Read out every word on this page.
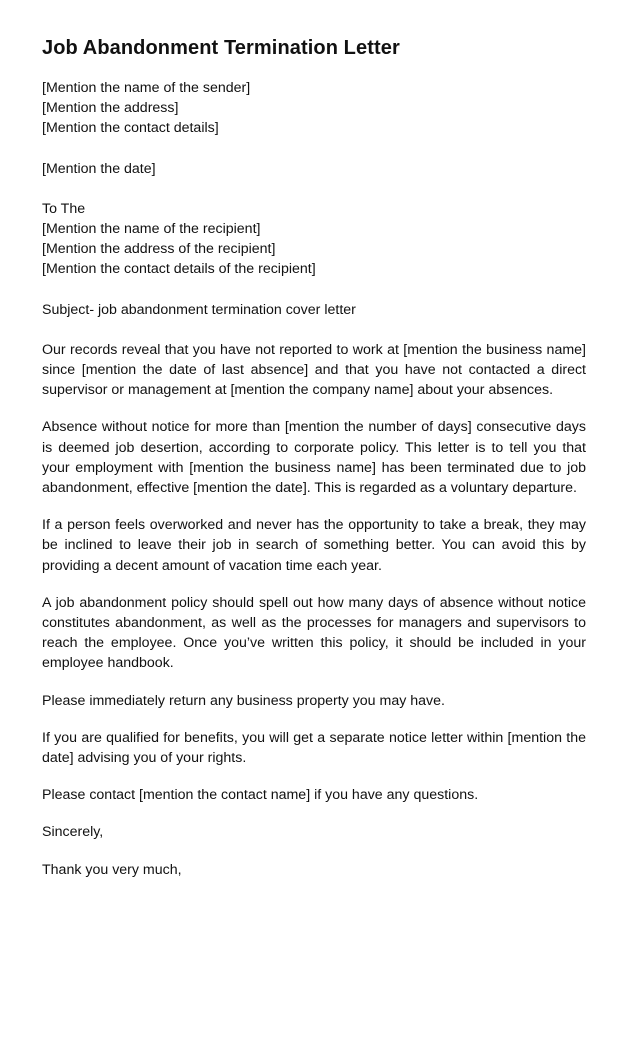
Job Abandonment Termination Letter

[Mention the name of the sender]

[Mention the address]

[Mention the contact details]

[Mention the date]

To The

[Mention the name of the recipient]

[Mention the address of the recipient]

[Mention the contact details of the recipient]

Subject- job abandonment termination cover letter

Our records reveal that you have not reported to work at [mention the business name] since [mention the date of last absence] and that you have not contacted a direct supervisor or management at [mention the company name] about your absences.

Absence without notice for more than [mention the number of days] consecutive days is deemed job desertion, according to corporate policy. This letter is to tell you that your employment with [mention the business name] has been terminated due to job abandonment, effective [mention the date]. This is regarded as a voluntary departure.

If a person feels overworked and never has the opportunity to take a break, they may be inclined to leave their job in search of something better. You can avoid this by providing a decent amount of vacation time each year.

A job abandonment policy should spell out how many days of absence without notice constitutes abandonment, as well as the processes for managers and supervisors to reach the employee. Once you’ve written this policy, it should be included in your employee handbook.

Please immediately return any business property you may have.

If you are qualified for benefits, you will get a separate notice letter within [mention the date] advising you of your rights.

Please contact [mention the contact name] if you have any questions.

Sincerely,

Thank you very much,
